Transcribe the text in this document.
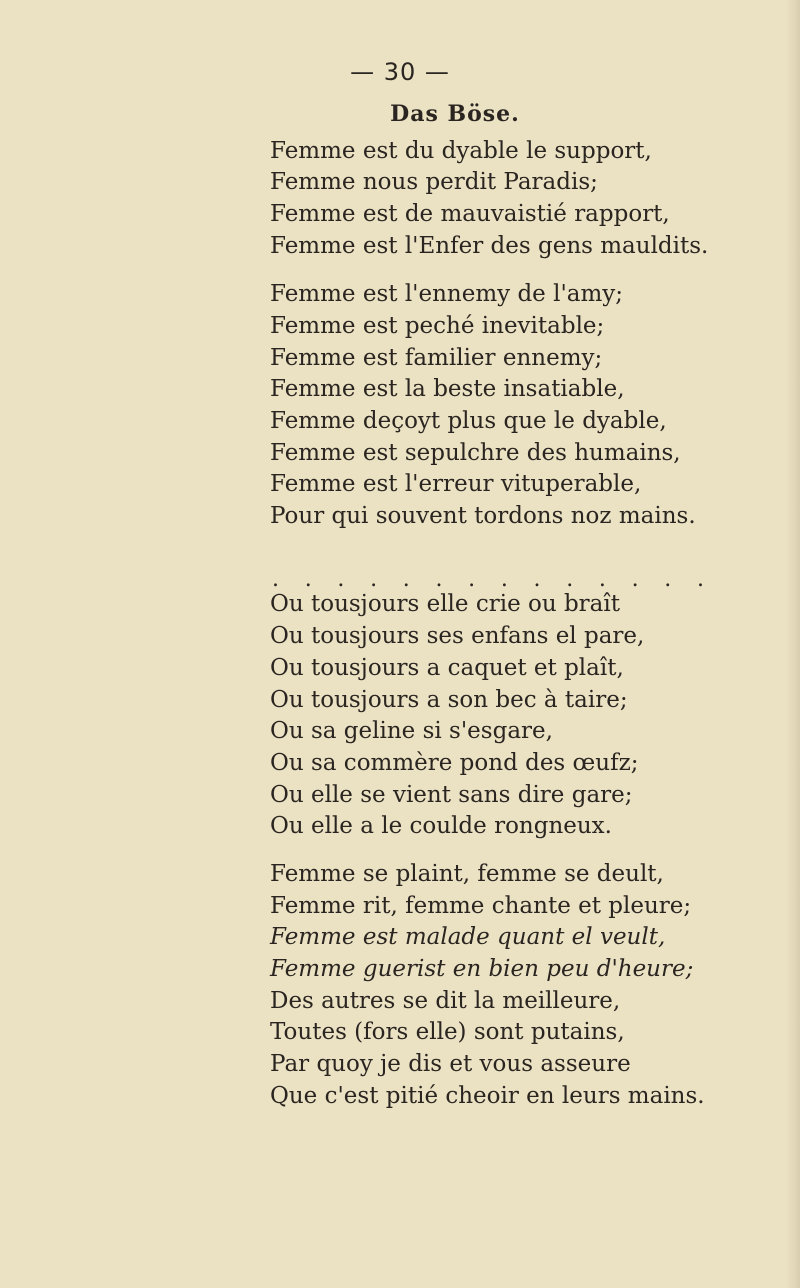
— 30 —
Das Böse.
Femme est du dyable le support,
Femme nous perdit Paradis;
Femme est de mauvaistié rapport,
Femme est l'Enfer des gens mauldits.
Femme est l'ennemy de l'amy;
Femme est peché inevitable;
Femme est familier ennemy;
Femme est la beste insatiable,
Femme deçoyt plus que le dyable,
Femme est sepulchre des humains,
Femme est l'erreur vituperable,
Pour qui souvent tordons noz mains.
. . . . . . . . . . . . . .
Ou tousjours elle crie ou braît
Ou tousjours ses enfans el pare,
Ou tousjours a caquet et plaît,
Ou tousjours a son bec à taire;
Ou sa geline si s'esgare,
Ou sa commère pond des œufz;
Ou elle se vient sans dire gare;
Ou elle a le coulde rongneux.
Femme se plaint, femme se deult,
Femme rit, femme chante et pleure;
Femme est malade quant el veult,
Femme guerist en bien peu d'heure;
Des autres se dit la meilleure,
Toutes (fors elle) sont putains,
Par quoy je dis et vous asseure
Que c'est pitié cheoir en leurs mains.
